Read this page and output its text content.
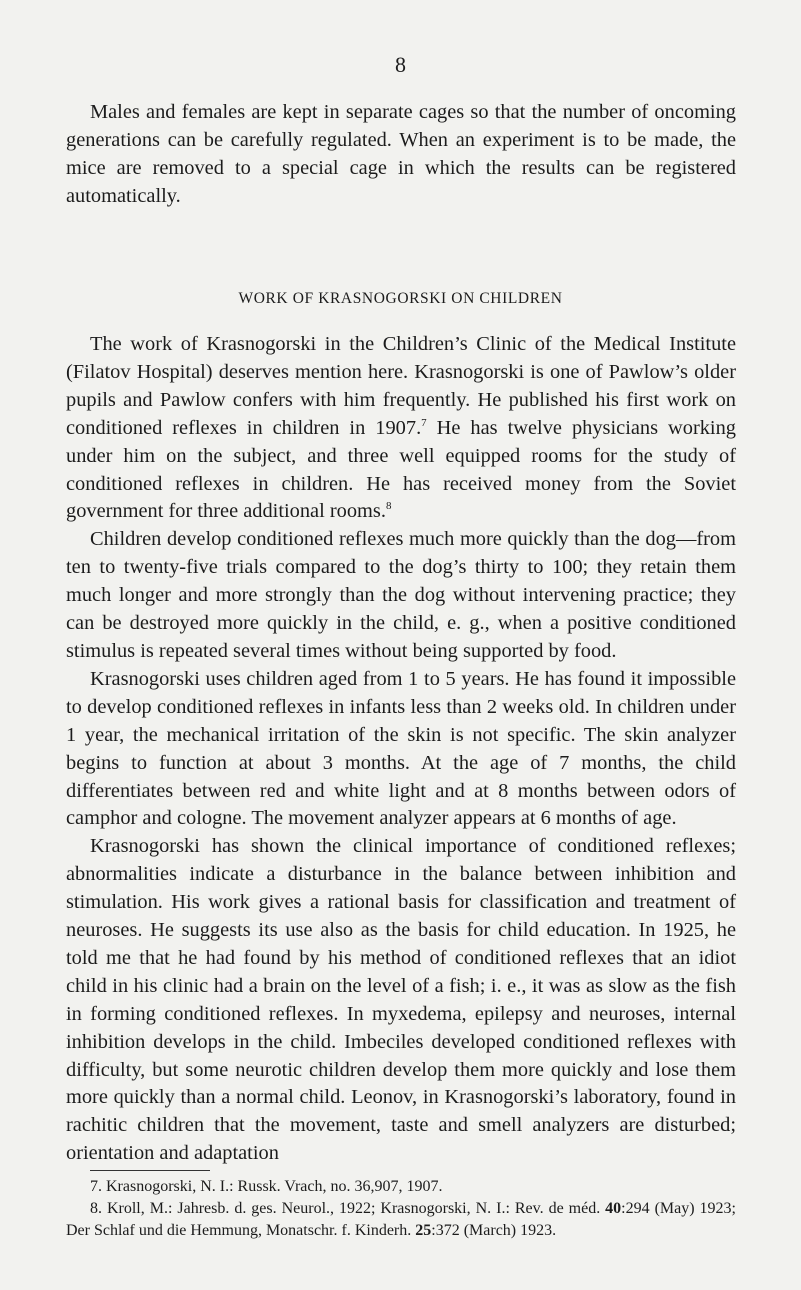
8

Males and females are kept in separate cages so that the number of oncoming generations can be carefully regulated. When an experiment is to be made, the mice are removed to a special cage in which the results can be registered automatically.

WORK OF KRASNOGORSKI ON CHILDREN

The work of Krasnogorski in the Children’s Clinic of the Medical Institute (Filatov Hospital) deserves mention here. Krasnogorski is one of Pawlow’s older pupils and Pawlow confers with him frequently. He published his first work on conditioned reflexes in children in 1907.$^7$ He has twelve physicians working under him on the subject, and three well equipped rooms for the study of conditioned reflexes in children. He has received money from the Soviet government for three additional rooms.$^8$

Children develop conditioned reflexes much more quickly than the dog—from ten to twenty-five trials compared to the dog’s thirty to 100; they retain them much longer and more strongly than the dog without intervening practice; they can be destroyed more quickly in the child, e. g., when a positive conditioned stimulus is repeated several times without being supported by food.

Krasnogorski uses children aged from 1 to 5 years. He has found it impossible to develop conditioned reflexes in infants less than 2 weeks old. In children under 1 year, the mechanical irritation of the skin is not specific. The skin analyzer begins to function at about 3 months. At the age of 7 months, the child differentiates between red and white light and at 8 months between odors of camphor and cologne. The movement analyzer appears at 6 months of age.

Krasnogorski has shown the clinical importance of conditioned reflexes; abnormalities indicate a disturbance in the balance between inhibition and stimulation. His work gives a rational basis for classification and treatment of neuroses. He suggests its use also as the basis for child education. In 1925, he told me that he had found by his method of conditioned reflexes that an idiot child in his clinic had a brain on the level of a fish; i. e., it was as slow as the fish in forming conditioned reflexes. In myxedema, epilepsy and neuroses, internal inhibition develops in the child. Imbeciles developed conditioned reflexes with difficulty, but some neurotic children develop them more quickly and lose them more quickly than a normal child. Leonov, in Krasnogorski’s laboratory, found in rachitic children that the movement, taste and smell analyzers are disturbed; orientation and adaptation

7. Krasnogorski, N. I.: Russk. Vrach, no. 36,907, 1907.

8. Kroll, M.: Jahresb. d. ges. Neurol., 1922; Krasnogorski, N. I.: Rev. de méd. 40:294 (May) 1923; Der Schlaf und die Hemmung, Monatschr. f. Kinderh. 25:372 (March) 1923.
